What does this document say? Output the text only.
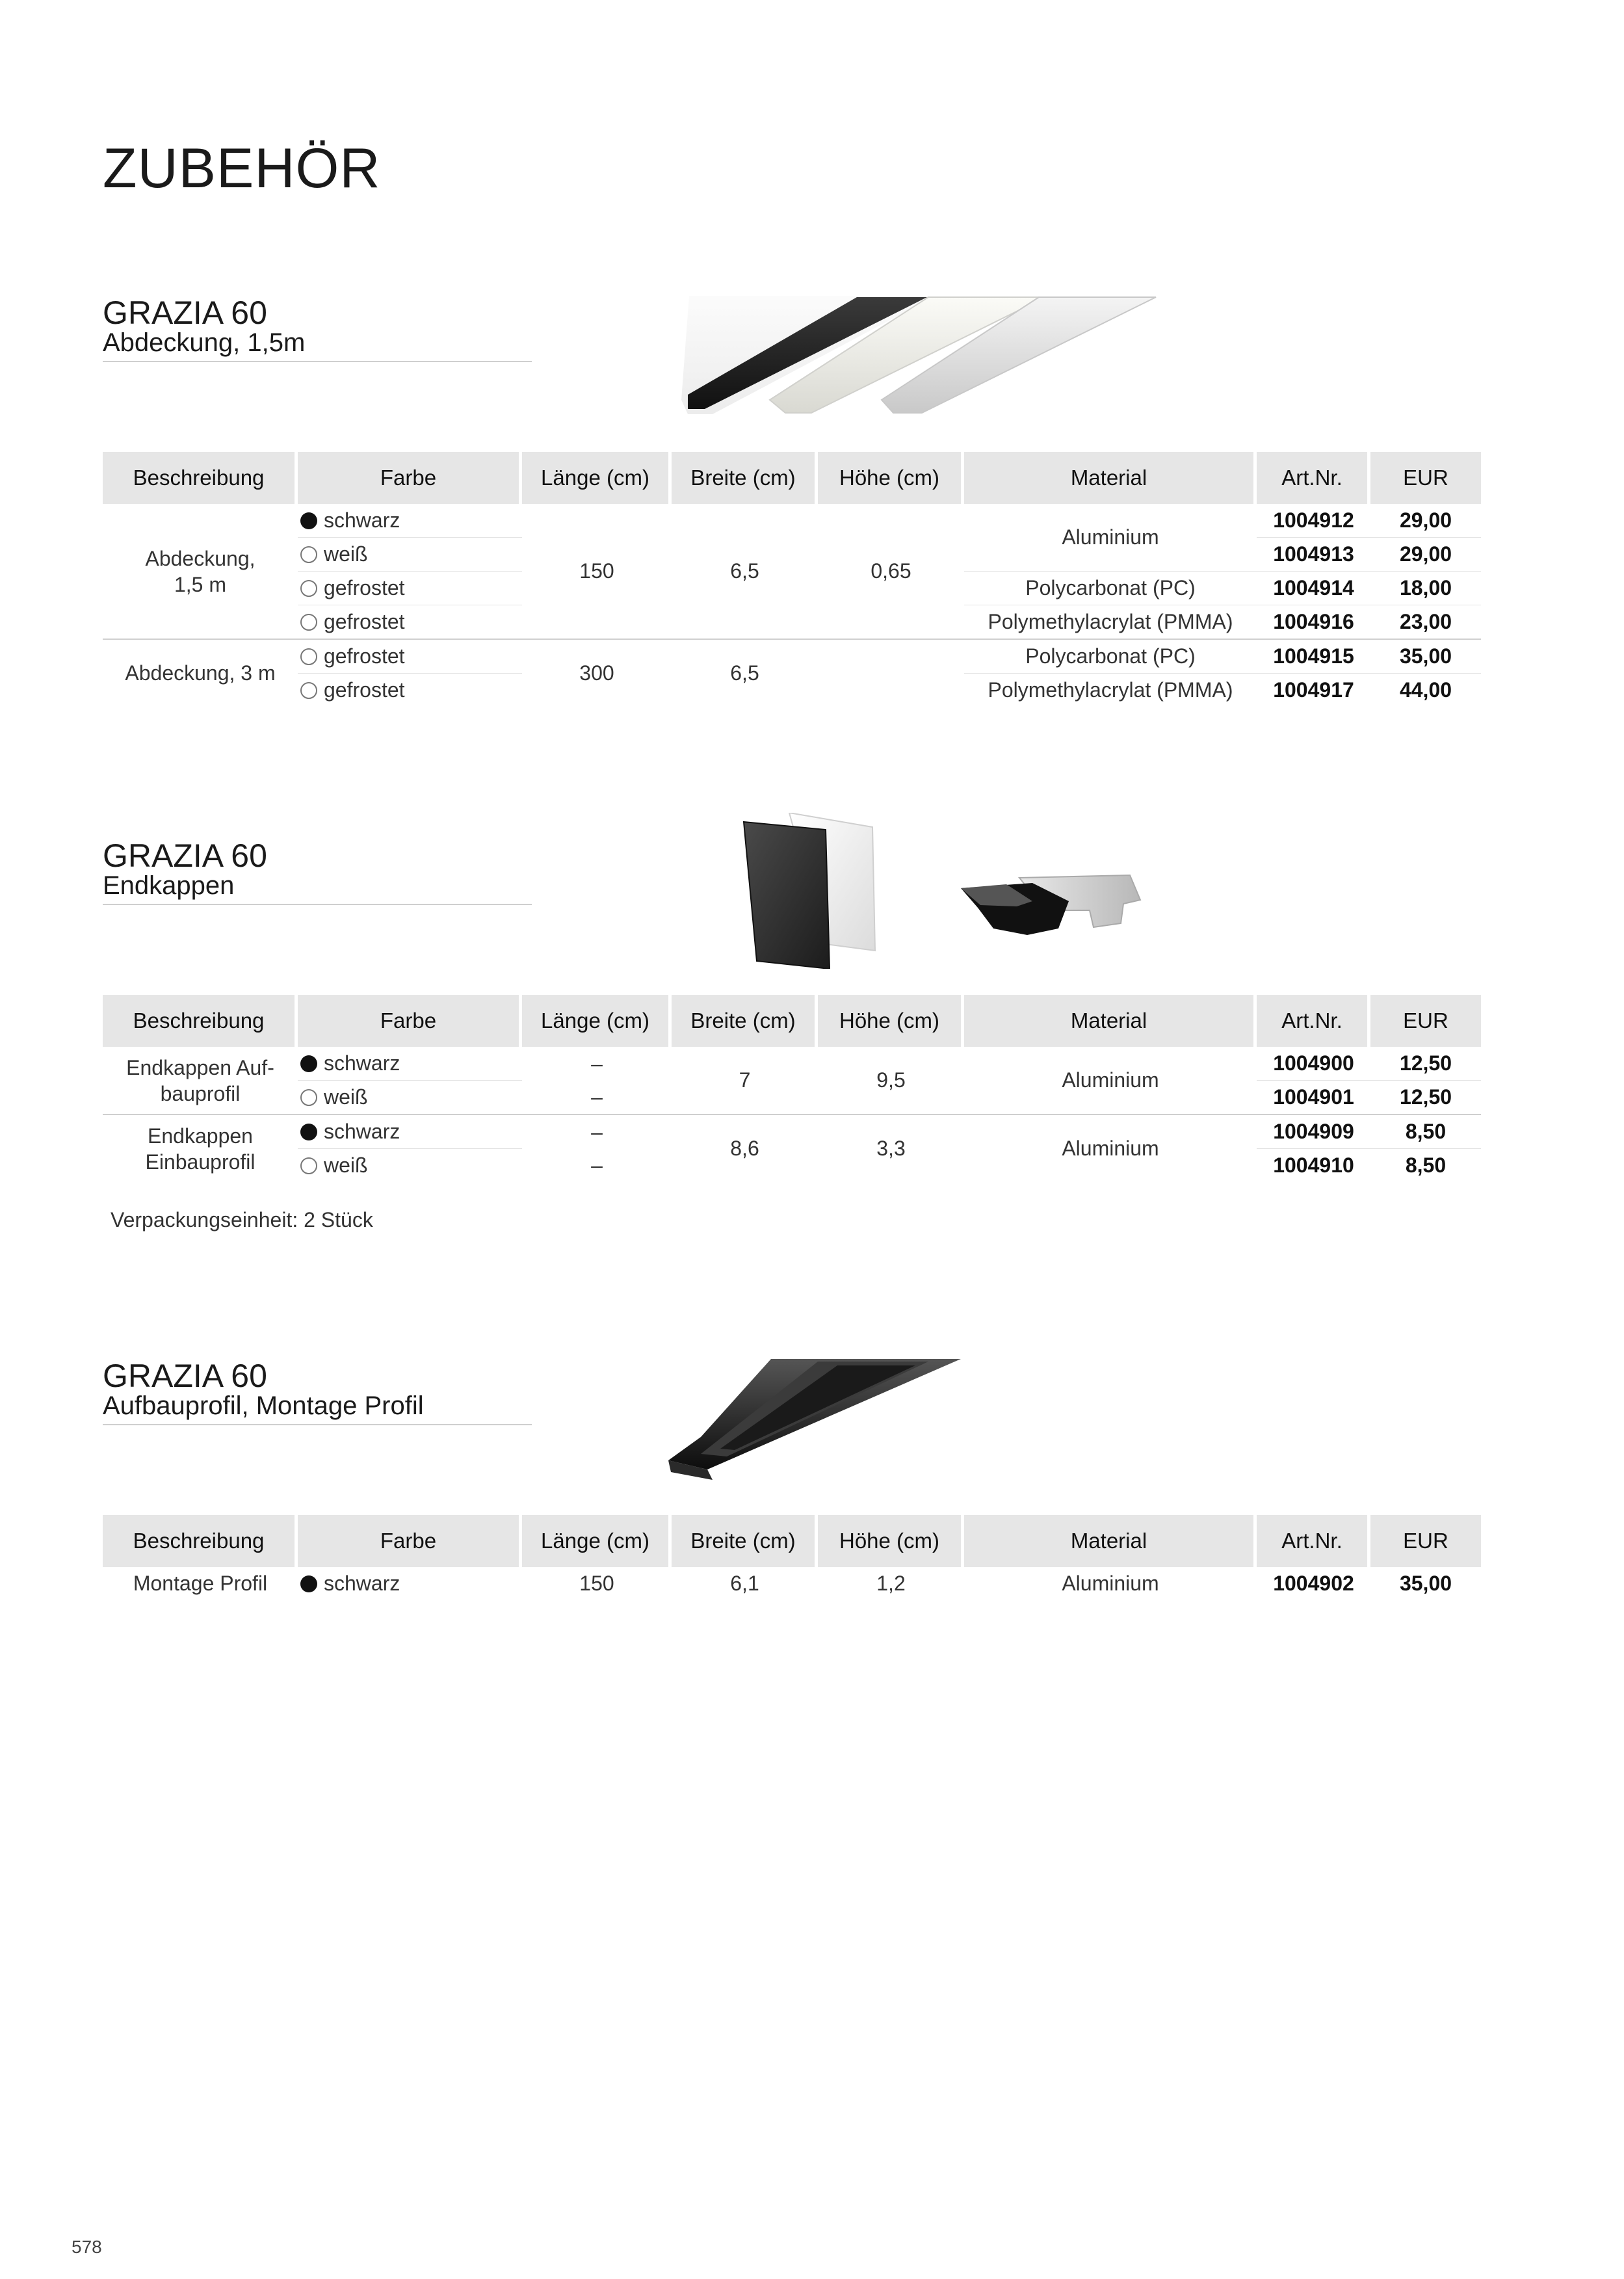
ZUBEHÖR
GRAZIA 60
Abdeckung, 1,5m
Beschreibung	Farbe	Länge (cm)	Breite (cm)	Höhe (cm)	Material	Art.Nr.	EUR
Abdeckung,
1,5 m	schwarz	150	6,5	0,65	Aluminium	1004912	29,00
	weiß					1004913	29,00
	gefrostet				Polycarbonat (PC)	1004914	18,00
	gefrostet				Polymethylacrylat (PMMA)	1004916	23,00
Abdeckung, 3 m	gefrostet	300	6,5		Polycarbonat (PC)	1004915	35,00
	gefrostet				Polymethylacrylat (PMMA)	1004917	44,00
GRAZIA 60
Endkappen
Beschreibung	Farbe	Länge (cm)	Breite (cm)	Höhe (cm)	Material	Art.Nr.	EUR
Endkappen Auf-
bauprofil	schwarz	–	7	9,5	Aluminium	1004900	12,50
	weiß	–				1004901	12,50
Endkappen
Einbauprofil	schwarz	–	8,6	3,3	Aluminium	1004909	8,50
	weiß	–				1004910	8,50
Verpackungseinheit: 2 Stück
GRAZIA 60
Aufbauprofil, Montage Profil
Beschreibung	Farbe	Länge (cm)	Breite (cm)	Höhe (cm)	Material	Art.Nr.	EUR
Montage Profil	schwarz	150	6,1	1,2	Aluminium	1004902	35,00
578
